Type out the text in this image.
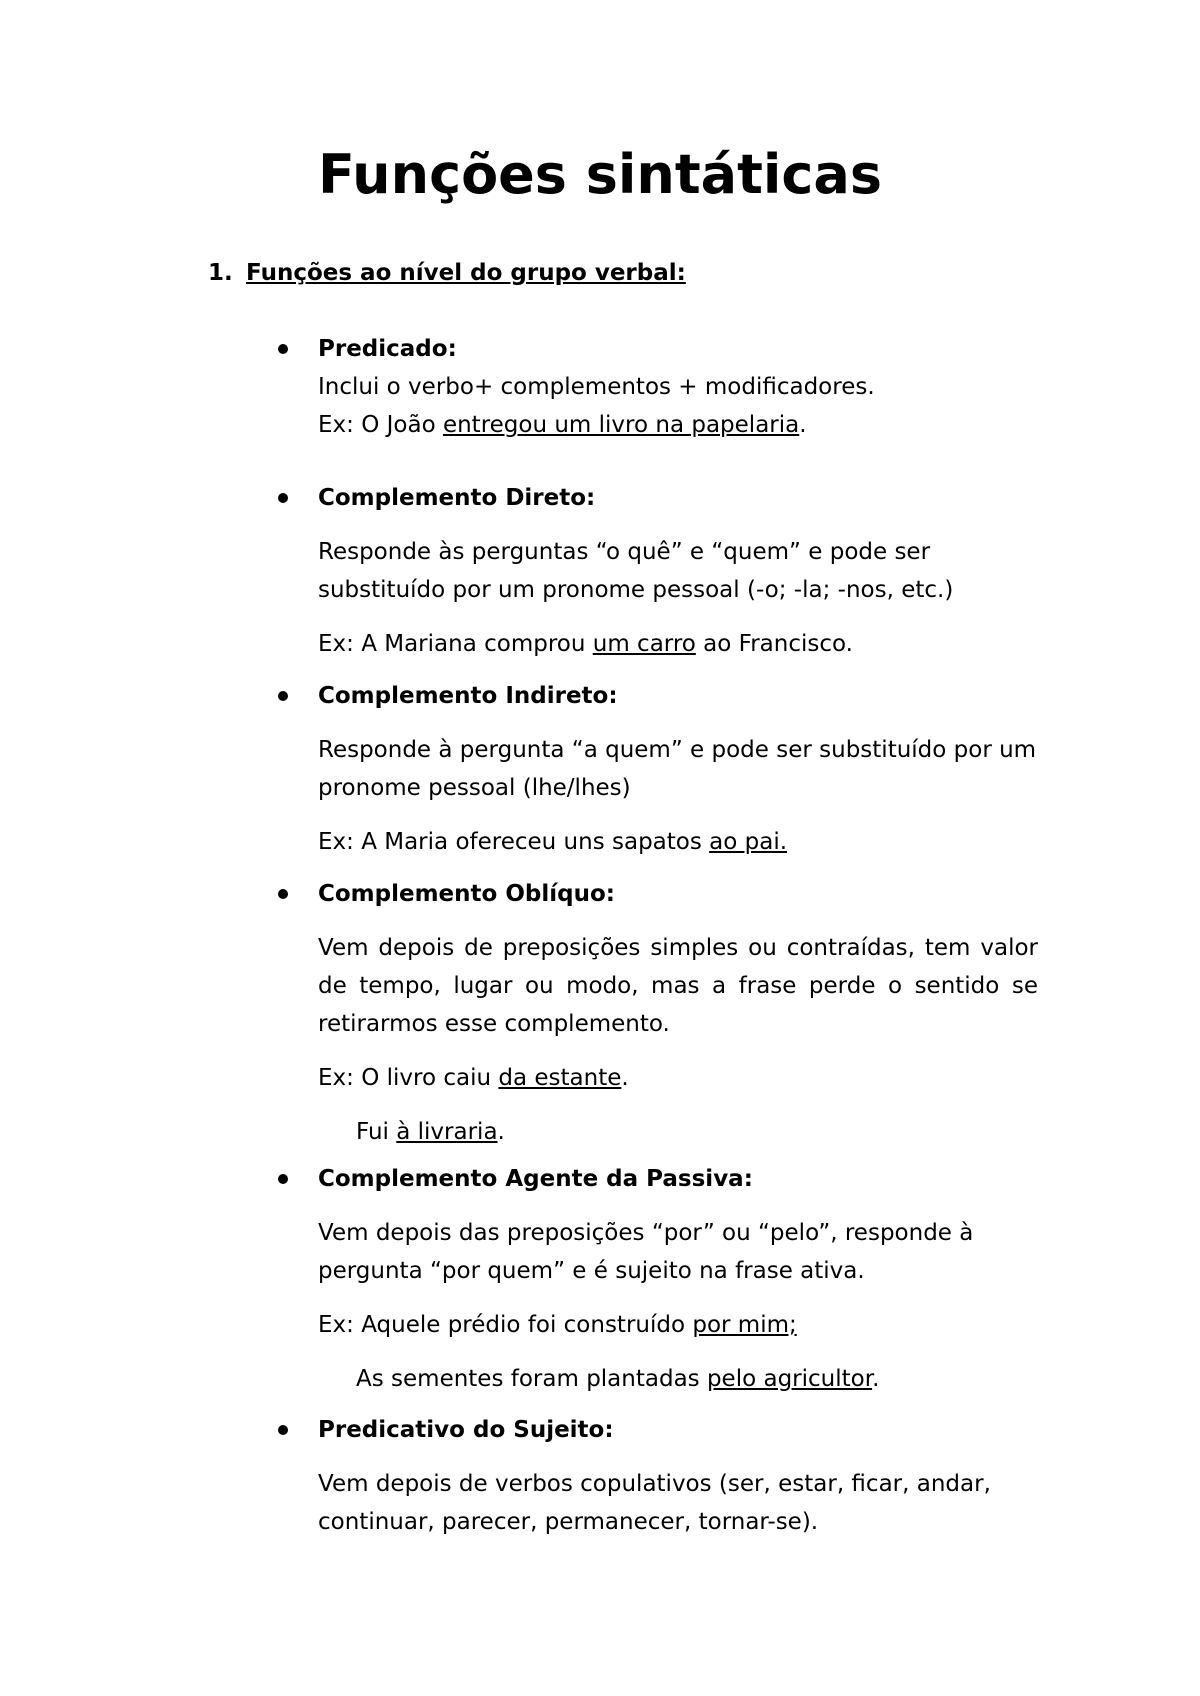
Funções sintáticas
1. Funções ao nível do grupo verbal:
Predicado:
Inclui o verbo+ complementos + modificadores.
Ex: O João entregou um livro na papelaria.
Complemento Direto:
Responde às perguntas “o quê” e “quem” e pode ser substituído por um pronome pessoal (-o; -la; -nos, etc.)
Ex: A Mariana comprou um carro ao Francisco.
Complemento Indireto:
Responde à pergunta “a quem” e pode ser substituído por um pronome pessoal (lhe/lhes)
Ex: A Maria ofereceu uns sapatos ao pai.
Complemento Oblíquo:
Vem depois de preposições simples ou contraídas, tem valor de tempo, lugar ou modo, mas a frase perde o sentido se retirarmos esse complemento.
Ex: O livro caiu da estante.
Fui à livraria.
Complemento Agente da Passiva:
Vem depois das preposições “por” ou “pelo”, responde à pergunta “por quem” e é sujeito na frase ativa.
Ex: Aquele prédio foi construído por mim;
As sementes foram plantadas pelo agricultor.
Predicativo do Sujeito:
Vem depois de verbos copulativos (ser, estar, ficar, andar, continuar, parecer, permanecer, tornar-se).
